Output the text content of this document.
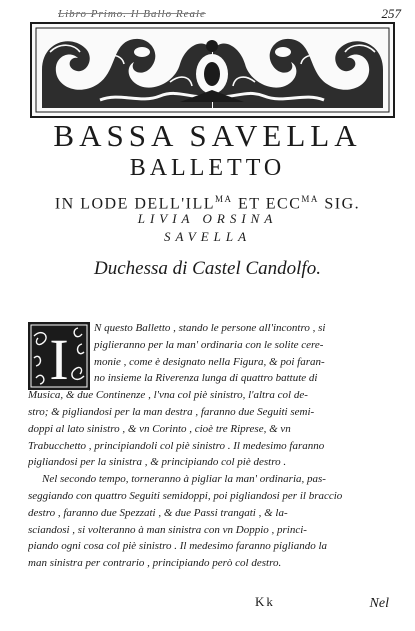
Libro Primo. Il Ballo Reale	257
BASSA SAVELLA
BALLETTO
IN LODE $DELL'ILL^{MA}$ ET $ECC^{MA}$ SIG.
LIVIA ORSINA
SAVELLA
Duchessa di Castel Candolfo.
I	N questo Balletto , stando le persone all'incontro , si
piglieranno per la man' ordinaria con le solite cere-
monie , come è designato nella Figura, & poi faran-
no insieme la Riverenza lunga di quattro battute di
Musica, & due Continenze , l'vna col piè sinistro, l'altra col de-
stro; & pigliandosi per la man destra , faranno due Seguiti semi-
doppi al lato sinistro , & vn Corinto , cioè tre Riprese, & vn
Trabucchetto , principiandoli col piè sinistro . Il medesimo faranno
pigliandosi per la sinistra , & principiando col piè destro .
Nel secondo tempo, torneranno à pigliar la man' ordinaria, pas-
seggiando con quattro Seguiti semidoppi, poi pigliandosi per il braccio
destro , faranno due Spezzati , & due Passi trangati , & la-
sciandosi , si volteranno à man sinistra con vn Doppio , princi-
piando ogni cosa col piè sinistro . Il medesimo faranno pigliando la
man sinistra per contrario , principiando però col destro.
Kk	Nel
